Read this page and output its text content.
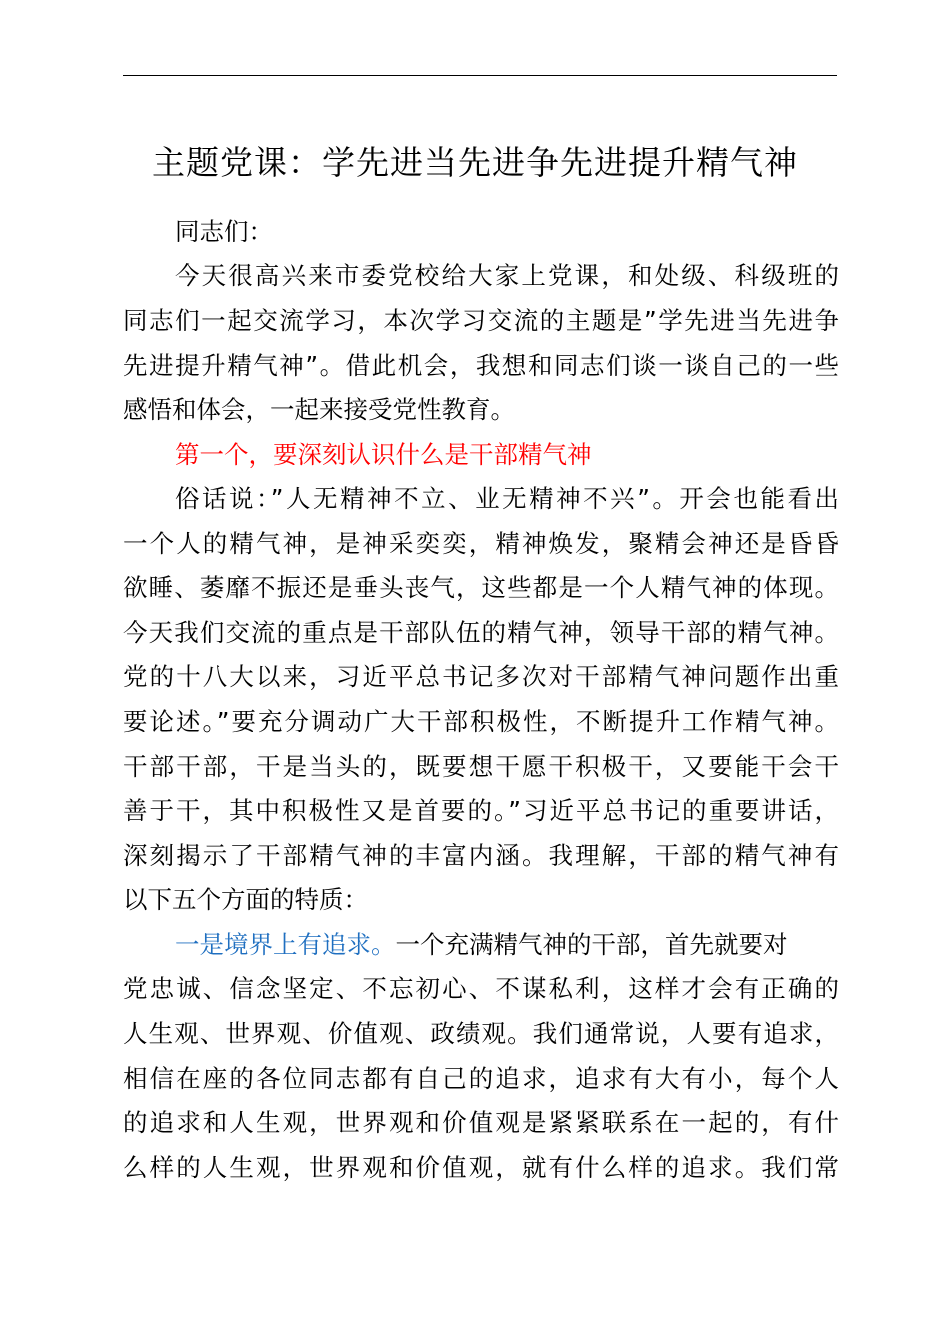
主题党课：学先进当先进争先进提升精气神
同志们：
今天很高兴来市委党校给大家上党课，和处级、科级班的
同志们一起交流学习，本次学习交流的主题是”学先进当先进争
先进提升精气神”。借此机会，我想和同志们谈一谈自己的一些
感悟和体会，一起来接受党性教育。
第一个，要深刻认识什么是干部精气神
俗话说：”人无精神不立、业无精神不兴”。开会也能看出
一个人的精气神，是神采奕奕，精神焕发，聚精会神还是昏昏
欲睡、萎靡不振还是垂头丧气，这些都是一个人精气神的体现。
今天我们交流的重点是干部队伍的精气神，领导干部的精气神。
党的十八大以来，习近平总书记多次对干部精气神问题作出重
要论述。”要充分调动广大干部积极性，不断提升工作精气神。
干部干部，干是当头的，既要想干愿干积极干，又要能干会干
善于干，其中积极性又是首要的。”习近平总书记的重要讲话，
深刻揭示了干部精气神的丰富内涵。我理解，干部的精气神有
以下五个方面的特质：
一是境界上有追求。一个充满精气神的干部，首先就要对
党忠诚、信念坚定、不忘初心、不谋私利，这样才会有正确的
人生观、世界观、价值观、政绩观。我们通常说，人要有追求，
相信在座的各位同志都有自己的追求，追求有大有小，每个人
的追求和人生观，世界观和价值观是紧紧联系在一起的，有什
么样的人生观，世界观和价值观，就有什么样的追求。我们常
